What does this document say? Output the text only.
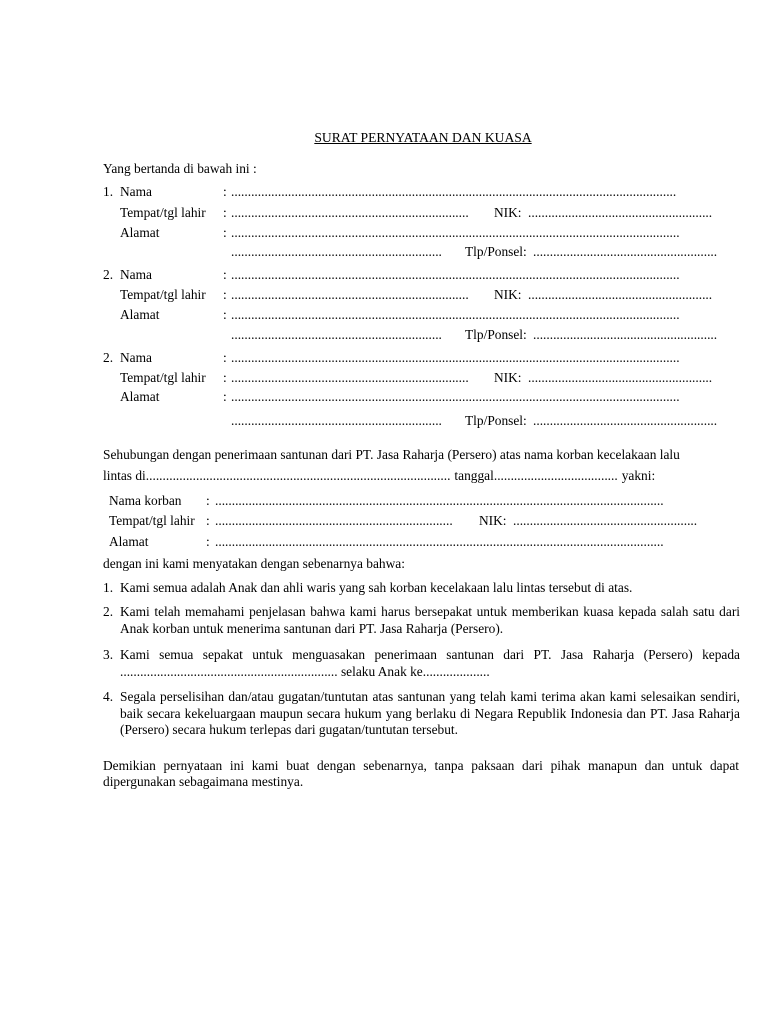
SURAT PERNYATAAN DAN KUASA
Yang bertanda di bawah ini :
1. Nama	: .....................................................................................................................................
Tempat/tgl lahir : ....................................................................... NIK: .......................................................
Alamat	: ......................................................................................................................................
............................................................... Tlp/Ponsel: .......................................................
2. Nama	: ......................................................................................................................................
Tempat/tgl lahir : ....................................................................... NIK: .......................................................
Alamat	: ......................................................................................................................................
............................................................... Tlp/Ponsel: .......................................................
2. Nama	: ......................................................................................................................................
Tempat/tgl lahir : ....................................................................... NIK: .......................................................
Alamat	: ......................................................................................................................................
............................................................... Tlp/Ponsel: .......................................................
Sehubungan dengan penerimaan santunan dari PT. Jasa Raharja (Persero) atas nama korban kecelakaan lalu
lintas di ........................................................................................... tanggal ..................................... yakni:
Nama korban : ......................................................................................................................................
Tempat/tgl lahir : ....................................................................... NIK: .......................................................
Alamat	: ......................................................................................................................................
dengan ini kami menyatakan dengan sebenarnya bahwa:
1. Kami semua adalah Anak dan ahli waris yang sah korban kecelakaan lalu lintas tersebut di atas.
2. Kami telah memahami penjelasan bahwa kami harus bersepakat untuk memberikan kuasa kepada salah satu dari Anak korban untuk menerima santunan dari PT. Jasa Raharja (Persero).
3. Kami semua sepakat untuk menguasakan penerimaan santunan dari PT. Jasa Raharja (Persero) kepada ................................................................. selaku Anak ke....................
4. Segala perselisihan dan/atau gugatan/tuntutan atas santunan yang telah kami terima akan kami selesaikan sendiri, baik secara kekeluargaan maupun secara hukum yang berlaku di Negara Republik Indonesia dan PT. Jasa Raharja (Persero) secara hukum terlepas dari gugatan/tuntutan tersebut.
Demikian pernyataan ini kami buat dengan sebenarnya, tanpa paksaan dari pihak manapun dan untuk dapat dipergunakan sebagaimana mestinya.
